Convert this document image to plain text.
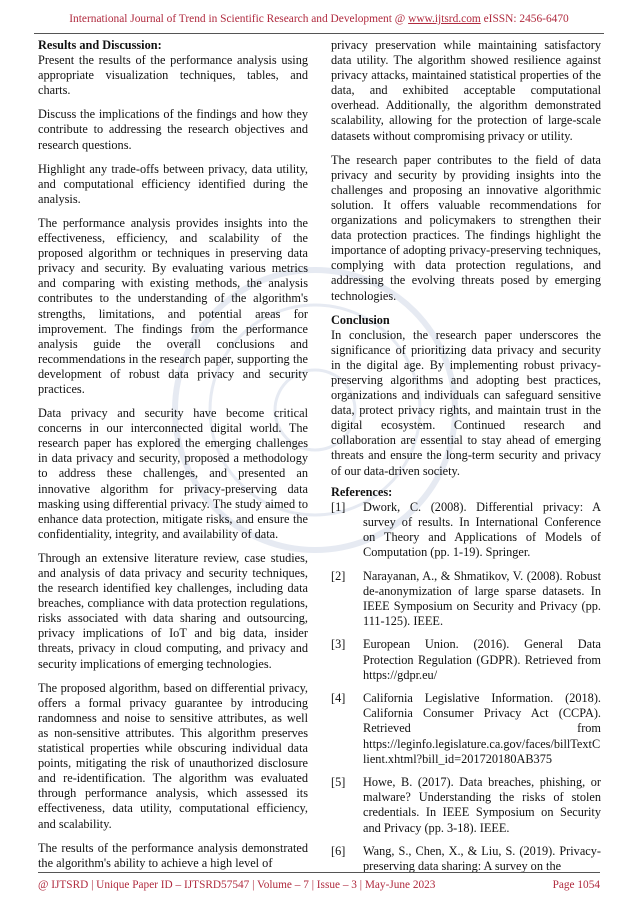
International Journal of Trend in Scientific Research and Development @ www.ijtsrd.com eISSN: 2456-6470

Results and Discussion:

Present the results of the performance analysis using appropriate visualization techniques, tables, and charts.

Discuss the implications of the findings and how they contribute to addressing the research objectives and research questions.

Highlight any trade-offs between privacy, data utility, and computational efficiency identified during the analysis.

The performance analysis provides insights into the effectiveness, efficiency, and scalability of the proposed algorithm or techniques in preserving data privacy and security. By evaluating various metrics and comparing with existing methods, the analysis contributes to the understanding of the algorithm's strengths, limitations, and potential areas for improvement. The findings from the performance analysis guide the overall conclusions and recommendations in the research paper, supporting the development of robust data privacy and security practices.

Data privacy and security have become critical concerns in our interconnected digital world. The research paper has explored the emerging challenges in data privacy and security, proposed a methodology to address these challenges, and presented an innovative algorithm for privacy-preserving data masking using differential privacy. The study aimed to enhance data protection, mitigate risks, and ensure the confidentiality, integrity, and availability of data.

Through an extensive literature review, case studies, and analysis of data privacy and security techniques, the research identified key challenges, including data breaches, compliance with data protection regulations, risks associated with data sharing and outsourcing, privacy implications of IoT and big data, insider threats, privacy in cloud computing, and privacy and security implications of emerging technologies.

The proposed algorithm, based on differential privacy, offers a formal privacy guarantee by introducing randomness and noise to sensitive attributes, as well as non-sensitive attributes. This algorithm preserves statistical properties while obscuring individual data points, mitigating the risk of unauthorized disclosure and re-identification. The algorithm was evaluated through performance analysis, which assessed its effectiveness, data utility, computational efficiency, and scalability.

The results of the performance analysis demonstrated the algorithm's ability to achieve a high level of

privacy preservation while maintaining satisfactory data utility. The algorithm showed resilience against privacy attacks, maintained statistical properties of the data, and exhibited acceptable computational overhead. Additionally, the algorithm demonstrated scalability, allowing for the protection of large-scale datasets without compromising privacy or utility.

The research paper contributes to the field of data privacy and security by providing insights into the challenges and proposing an innovative algorithmic solution. It offers valuable recommendations for organizations and policymakers to strengthen their data protection practices. The findings highlight the importance of adopting privacy-preserving techniques, complying with data protection regulations, and addressing the evolving threats posed by emerging technologies.

Conclusion

In conclusion, the research paper underscores the significance of prioritizing data privacy and security in the digital age. By implementing robust privacy-preserving algorithms and adopting best practices, organizations and individuals can safeguard sensitive data, protect privacy rights, and maintain trust in the digital ecosystem. Continued research and collaboration are essential to stay ahead of emerging threats and ensure the long-term security and privacy of our data-driven society.

References:

[1]	Dwork, C. (2008). Differential privacy: A survey of results. In International Conference on Theory and Applications of Models of Computation (pp. 1-19). Springer.
[2]	Narayanan, A., & Shmatikov, V. (2008). Robust de-anonymization of large sparse datasets. In IEEE Symposium on Security and Privacy (pp. 111-125). IEEE.
[3]	European Union. (2016). General Data Protection Regulation (GDPR). Retrieved from https://gdpr.eu/
[4]	California Legislative Information. (2018). California Consumer Privacy Act (CCPA). Retrieved from https://leginfo.legislature.ca.gov/faces/billTextClient.xhtml?bill_id=201720180AB375
[5]	Howe, B. (2017). Data breaches, phishing, or malware? Understanding the risks of stolen credentials. In IEEE Symposium on Security and Privacy (pp. 3-18). IEEE.
[6]	Wang, S., Chen, X., & Liu, S. (2019). Privacy-preserving data sharing: A survey on the
@ IJTSRD | Unique Paper ID – IJTSRD57547 | Volume – 7 | Issue – 3 | May-June 2023	Page 1054
